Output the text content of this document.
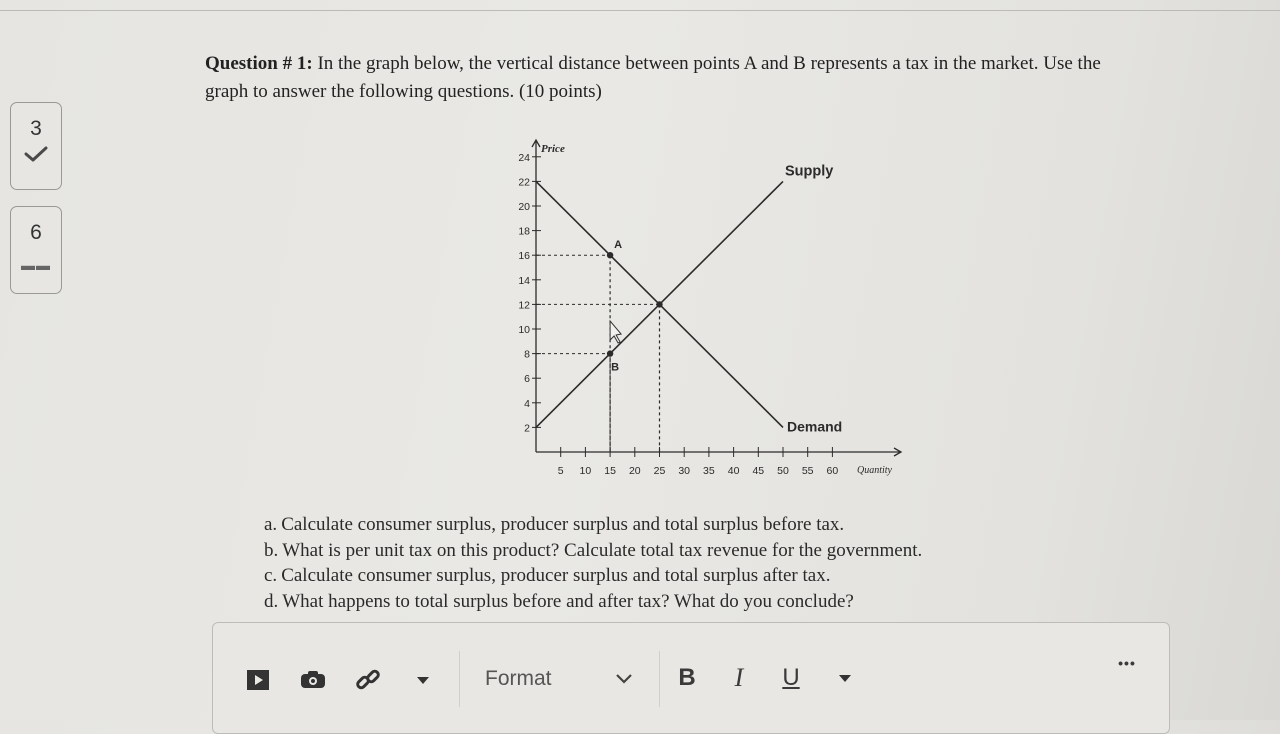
3
6
▬▬
Question # 1: In the graph below, the vertical distance between points A and B represents a tax in the market. Use the graph to answer the following questions. (10 points)
Price
Quantity
2
4
6
8
10
12
14
16
18
20
22
24
5 10 15 20 25 30 35 40 45 50 55 60
Supply
Demand
A
B
a. Calculate consumer surplus, producer surplus and total surplus before tax.
b. What is per unit tax on this product? Calculate total tax revenue for the government.
c. Calculate consumer surplus, producer surplus and total surplus after tax.
d. What happens to total surplus before and after tax? What do you conclude?
Format	B	I	U
•••
